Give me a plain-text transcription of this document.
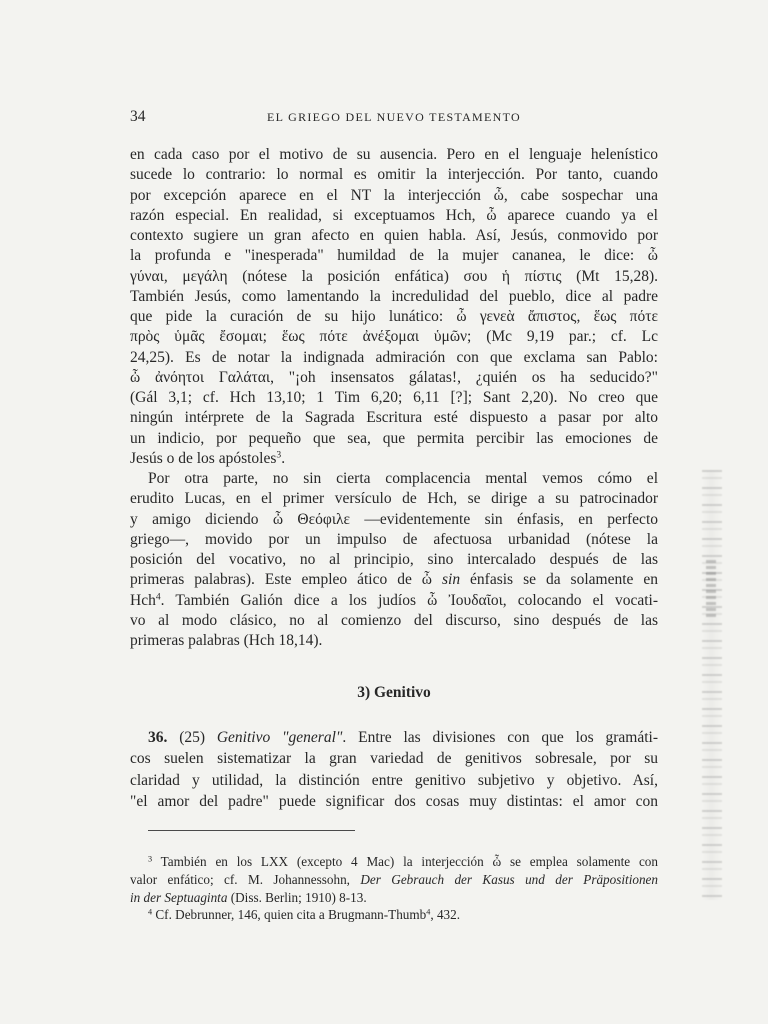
34	EL GRIEGO DEL NUEVO TESTAMENTO
en cada caso por el motivo de su ausencia. Pero en el lenguaje helenístico
sucede lo contrario: lo normal es omitir la interjección. Por tanto, cuando
por excepción aparece en el NT la interjección ὦ, cabe sospechar una
razón especial. En realidad, si exceptuamos Hch, ὦ aparece cuando ya el
contexto sugiere un gran afecto en quien habla. Así, Jesús, conmovido por
la profunda e "inesperada" humildad de la mujer cananea, le dice: ὦ
γύναι, μεγάλη (nótese la posición enfática) σου ἡ πίστις (Mt 15,28).
También Jesús, como lamentando la incredulidad del pueblo, dice al padre
que pide la curación de su hijo lunático: ὦ γενεὰ ἄπιστος, ἕως πότε
πρὸς ὑμᾶς ἔσομαι; ἕως πότε ἀνέξομαι ὑμῶν; (Mc 9,19 par.; cf. Lc
24,25). Es de notar la indignada admiración con que exclama san Pablo:
ὦ ἀνόητοι Γαλάται, "¡oh insensatos gálatas!, ¿quién os ha seducido?"
(Gál 3,1; cf. Hch 13,10; 1 Tim 6,20; 6,11 [?]; Sant 2,20). No creo que
ningún intérprete de la Sagrada Escritura esté dispuesto a pasar por alto
un indicio, por pequeño que sea, que permita percibir las emociones de
Jesús o de los apóstoles$^3$.
Por otra parte, no sin cierta complacencia mental vemos cómo el
erudito Lucas, en el primer versículo de Hch, se dirige a su patrocinador
y amigo diciendo ὦ Θεόφιλε —evidentemente sin énfasis, en perfecto
griego—, movido por un impulso de afectuosa urbanidad (nótese la
posición del vocativo, no al principio, sino intercalado después de las
primeras palabras). Este empleo ático de ὦ sin énfasis se da solamente en
Hch$^4$. También Galión dice a los judíos ὦ Ἰουδαῖοι, colocando el vocati-
vo al modo clásico, no al comienzo del discurso, sino después de las
primeras palabras (Hch 18,14).
3) Genitivo
36. (25) Genitivo "general". Entre las divisiones con que los gramáti-
cos suelen sistematizar la gran variedad de genitivos sobresale, por su
claridad y utilidad, la distinción entre genitivo subjetivo y objetivo. Así,
"el amor del padre" puede significar dos cosas muy distintas: el amor con
$^3$ También en los LXX (excepto 4 Mac) la interjección ὦ se emplea solamente con
valor enfático; cf. M. Johannessohn, Der Gebrauch der Kasus und der Präpositionen
in der Septuaginta (Diss. Berlin; 1910) 8-13.
$^4$ Cf. Debrunner, 146, quien cita a Brugmann-Thumb$^4$, 432.
